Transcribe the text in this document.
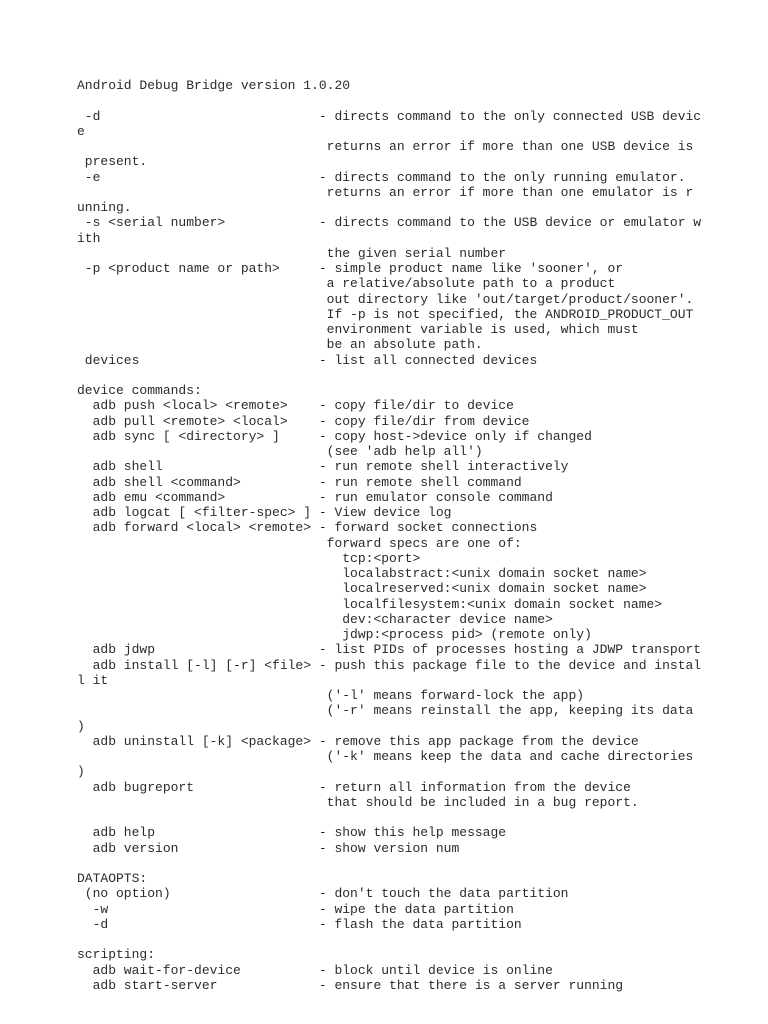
Android Debug Bridge version 1.0.20
-d                            - directs command to the only connected USB devic
e
returns an error if more than one USB device is
present.
-e                            - directs command to the only running emulator.
returns an error if more than one emulator is r
unning.
-s <serial number>            - directs command to the USB device or emulator w
ith
the given serial number
-p <product name or path>     - simple product name like 'sooner', or
a relative/absolute path to a product
out directory like 'out/target/product/sooner'.
If -p is not specified, the ANDROID_PRODUCT_OUT
environment variable is used, which must
be an absolute path.
devices                       - list all connected devices
device commands:
adb push <local> <remote>    - copy file/dir to device
adb pull <remote> <local>    - copy file/dir from device
adb sync [ <directory> ]     - copy host->device only if changed
(see 'adb help all')
adb shell                    - run remote shell interactively
adb shell <command>          - run remote shell command
adb emu <command>            - run emulator console command
adb logcat [ <filter-spec> ] - View device log
adb forward <local> <remote> - forward socket connections
forward specs are one of:
tcp:<port>
localabstract:<unix domain socket name>
localreserved:<unix domain socket name>
localfilesystem:<unix domain socket name>
dev:<character device name>
jdwp:<process pid> (remote only)
adb jdwp                     - list PIDs of processes hosting a JDWP transport
adb install [-l] [-r] <file> - push this package file to the device and instal
l it
('-l' means forward-lock the app)
('-r' means reinstall the app, keeping its data
)
adb uninstall [-k] <package> - remove this app package from the device
('-k' means keep the data and cache directories
)
adb bugreport                - return all information from the device
that should be included in a bug report.
adb help                     - show this help message
adb version                  - show version num
DATAOPTS:
(no option)                   - don't touch the data partition
-w                           - wipe the data partition
-d                           - flash the data partition
scripting:
adb wait-for-device          - block until device is online
adb start-server             - ensure that there is a server running
